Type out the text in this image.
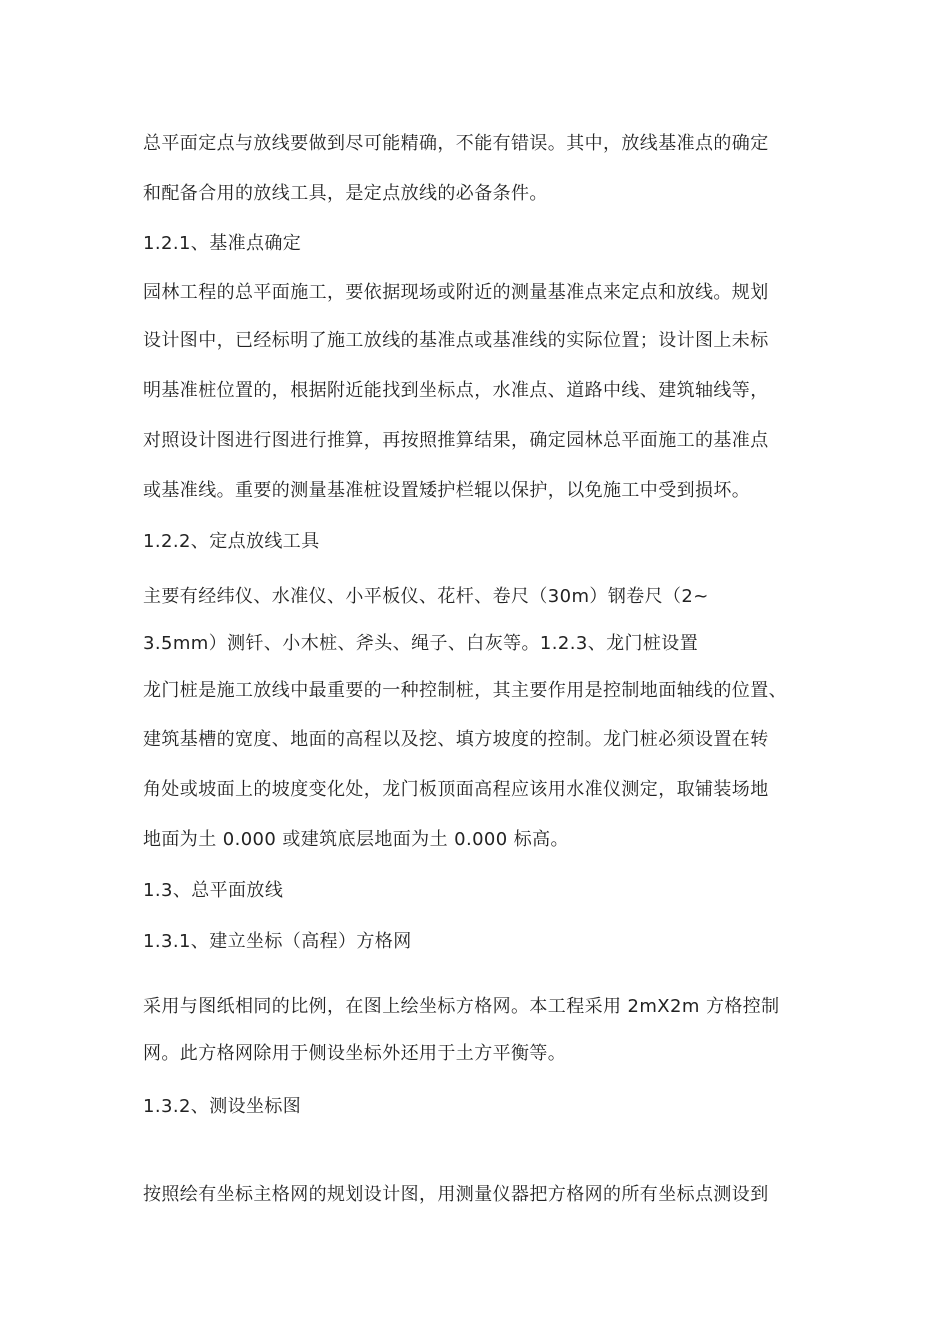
总平面定点与放线要做到尽可能精确，不能有错误。其中，放线基准点的确定
和配备合用的放线工具，是定点放线的必备条件。
1.2.1、基准点确定
园林工程的总平面施工，要依据现场或附近的测量基准点来定点和放线。规划
设计图中，已经标明了施工放线的基准点或基准线的实际位置；设计图上未标
明基准桩位置的，根据附近能找到坐标点，水准点、道路中线、建筑轴线等，
对照设计图进行图进行推算，再按照推算结果，确定园林总平面施工的基准点
或基准线。重要的测量基准桩设置矮护栏辊以保护，以免施工中受到损坏。
1.2.2、定点放线工具
主要有经纬仪、水准仪、小平板仪、花杆、卷尺（30m）钢卷尺（2~
3.5mm）测钎、小木桩、斧头、绳子、白灰等。1.2.3、龙门桩设置
龙门桩是施工放线中最重要的一种控制桩，其主要作用是控制地面轴线的位置、
建筑基槽的宽度、地面的高程以及挖、填方坡度的控制。龙门桩必须设置在转
角处或坡面上的坡度变化处，龙门板顶面高程应该用水准仪测定，取铺装场地
地面为土 0.000 或建筑底层地面为土 0.000 标高。
1.3、总平面放线
1.3.1、建立坐标（高程）方格网
采用与图纸相同的比例，在图上绘坐标方格网。本工程采用 2mX2m 方格控制
网。此方格网除用于侧设坐标外还用于土方平衡等。
1.3.2、测设坐标图
按照绘有坐标主格网的规划设计图，用测量仪器把方格网的所有坐标点测设到
